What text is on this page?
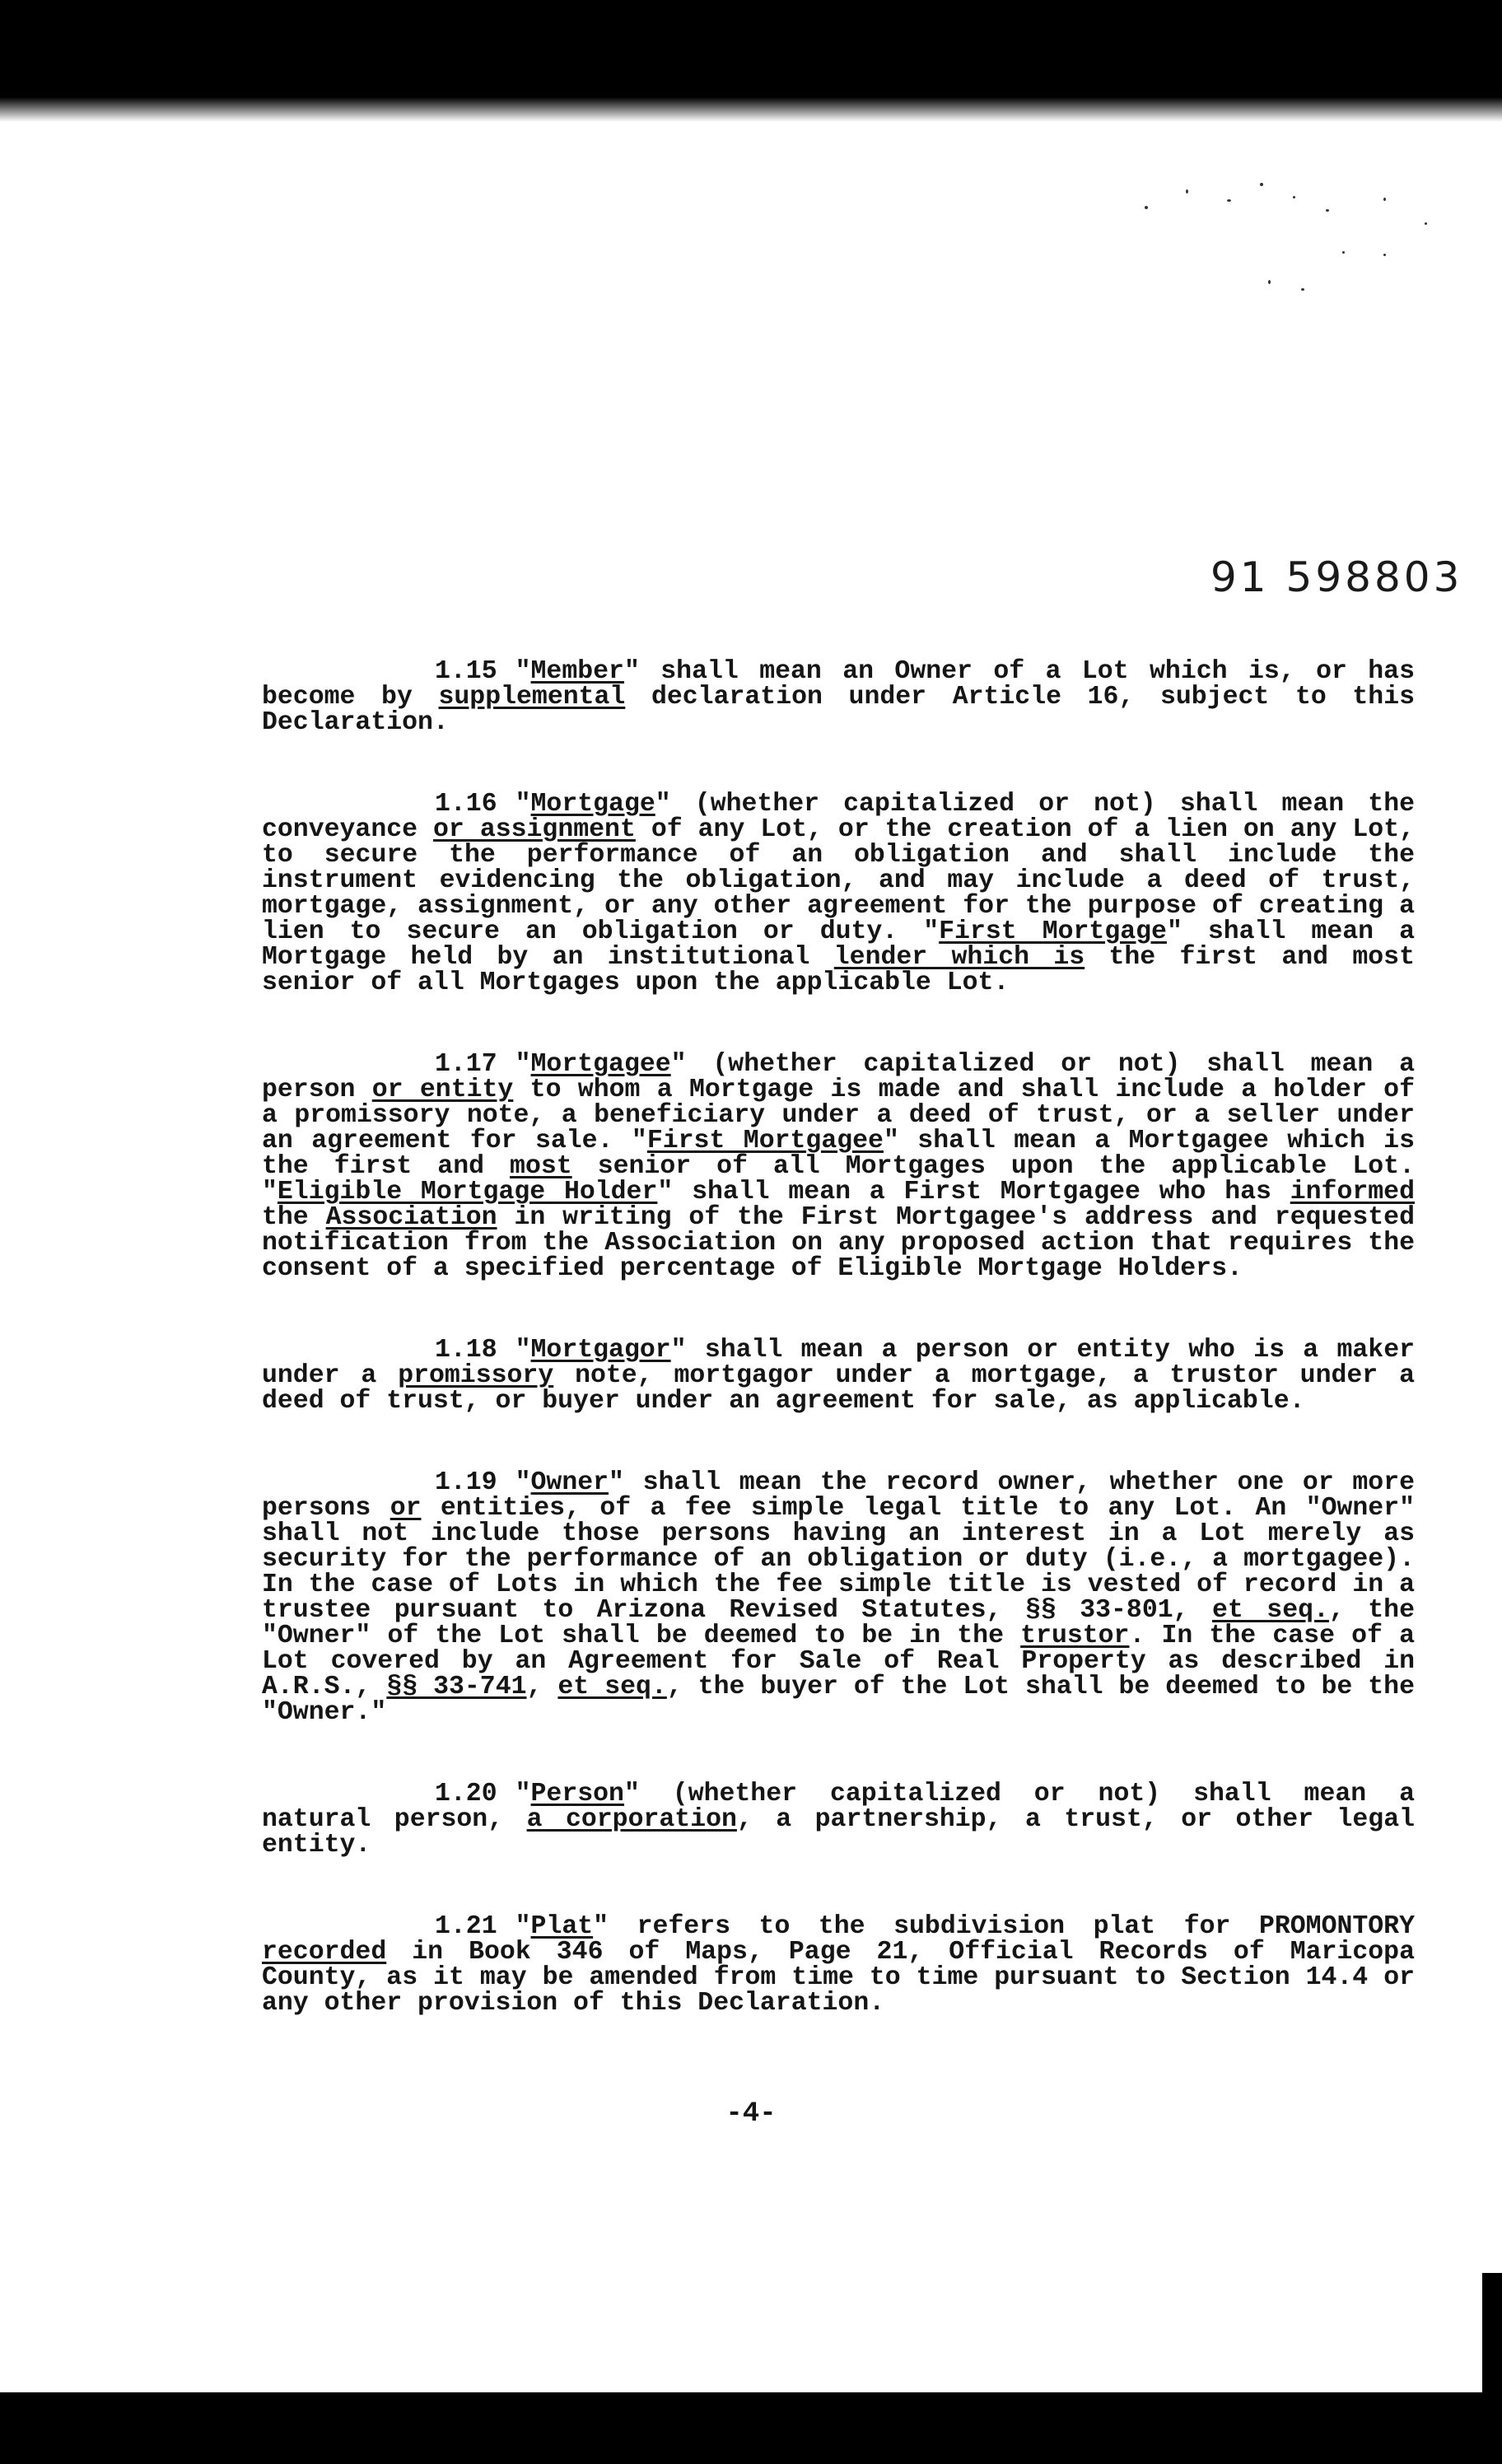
91 598803

1.15 "Member" shall mean an Owner of a Lot which is, or has become by supplemental declaration under Article 16, subject to this Declaration.

1.16 "Mortgage" (whether capitalized or not) shall mean the conveyance or assignment of any Lot, or the creation of a lien on any Lot, to secure the performance of an obligation and shall include the instrument evidencing the obligation, and may include a deed of trust, mortgage, assignment, or any other agreement for the purpose of creating a lien to secure an obligation or duty. "First Mortgage" shall mean a Mortgage held by an institutional lender which is the first and most senior of all Mortgages upon the applicable Lot.

1.17 "Mortgagee" (whether capitalized or not) shall mean a person or entity to whom a Mortgage is made and shall include a holder of a promissory note, a beneficiary under a deed of trust, or a seller under an agreement for sale. "First Mortgagee" shall mean a Mortgagee which is the first and most senior of all Mortgages upon the applicable Lot. "Eligible Mortgage Holder" shall mean a First Mortgagee who has informed the Association in writing of the First Mortgagee's address and requested notification from the Association on any proposed action that requires the consent of a specified percentage of Eligible Mortgage Holders.

1.18 "Mortgagor" shall mean a person or entity who is a maker under a promissory note, mortgagor under a mortgage, a trustor under a deed of trust, or buyer under an agreement for sale, as applicable.

1.19 "Owner" shall mean the record owner, whether one or more persons or entities, of a fee simple legal title to any Lot. An "Owner" shall not include those persons having an interest in a Lot merely as security for the performance of an obligation or duty (i.e., a mortgagee). In the case of Lots in which the fee simple title is vested of record in a trustee pursuant to Arizona Revised Statutes, §§ 33-801, et seq., the "Owner" of the Lot shall be deemed to be in the trustor. In the case of a Lot covered by an Agreement for Sale of Real Property as described in A.R.S., §§ 33-741, et seq., the buyer of the Lot shall be deemed to be the "Owner."

1.20 "Person" (whether capitalized or not) shall mean a natural person, a corporation, a partnership, a trust, or other legal entity.

1.21 "Plat" refers to the subdivision plat for PROMONTORY recorded in Book 346 of Maps, Page 21, Official Records of Maricopa County, as it may be amended from time to time pursuant to Section 14.4 or any other provision of this Declaration.

-4-
